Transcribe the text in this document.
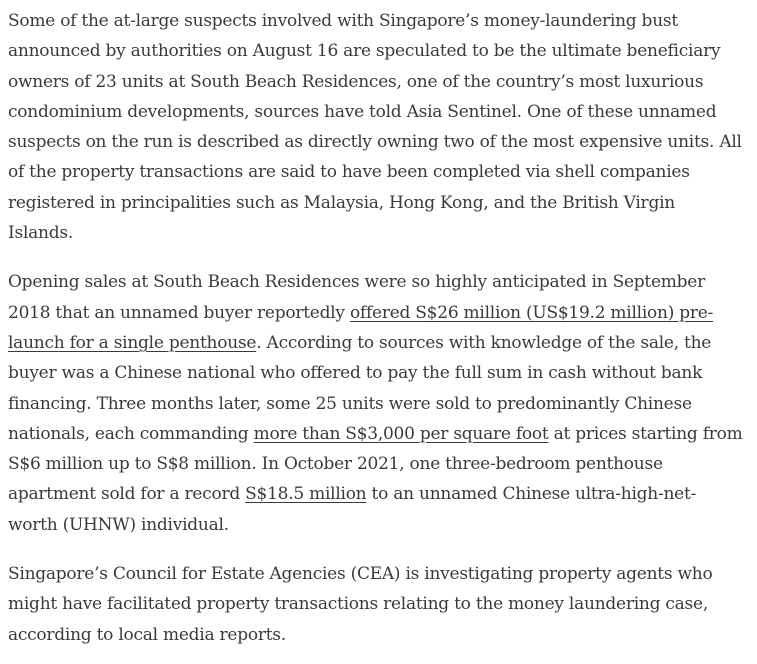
Some of the at-large suspects involved with Singapore’s money-laundering bust announced by authorities on August 16 are speculated to be the ultimate beneficiary owners of 23 units at South Beach Residences, one of the country’s most luxurious condominium developments, sources have told Asia Sentinel. One of these unnamed suspects on the run is described as directly owning two of the most expensive units. All of the property transactions are said to have been completed via shell companies registered in principalities such as Malaysia, Hong Kong, and the British Virgin Islands.

Opening sales at South Beach Residences were so highly anticipated in September 2018 that an unnamed buyer reportedly offered S$26 million (US$19.2 million) pre-launch for a single penthouse. According to sources with knowledge of the sale, the buyer was a Chinese national who offered to pay the full sum in cash without bank financing. Three months later, some 25 units were sold to predominantly Chinese nationals, each commanding more than S$3,000 per square foot at prices starting from S$6 million up to S$8 million. In October 2021, one three-bedroom penthouse apartment sold for a record S$18.5 million to an unnamed Chinese ultra-high-net-worth (UHNW) individual.

Singapore’s Council for Estate Agencies (CEA) is investigating property agents who might have facilitated property transactions relating to the money laundering case, according to local media reports.
